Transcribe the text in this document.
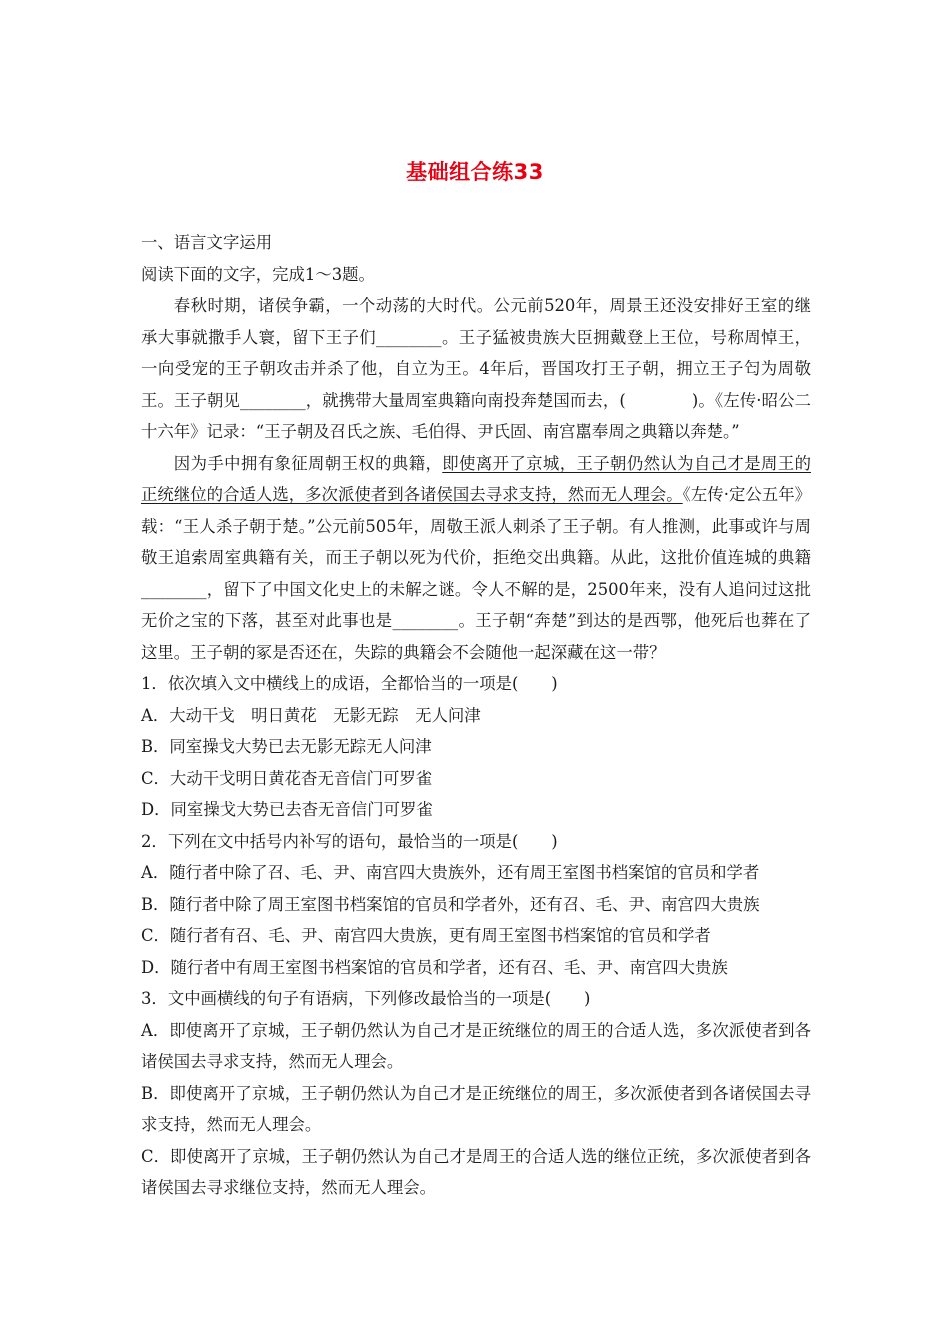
基础组合练33

一、语言文字运用

阅读下面的文字，完成1～3题。

春秋时期，诸侯争霸，一个动荡的大时代。公元前520年，周景王还没安排好王室的继承大事就撒手人寰，留下王子们________。王子猛被贵族大臣拥戴登上王位，号称周悼王，一向受宠的王子朝攻击并杀了他，自立为王。4年后，晋国攻打王子朝，拥立王子匄为周敬王。王子朝见________，就携带大量周室典籍向南投奔楚国而去，(　　　　)。《左传·昭公二十六年》记录：“王子朝及召氏之族、毛伯得、尹氏固、南宫嚚奉周之典籍以奔楚。”

因为手中拥有象征周朝王权的典籍，即使离开了京城，王子朝仍然认为自己才是周王的正统继位的合适人选，多次派使者到各诸侯国去寻求支持，然而无人理会。《左传·定公五年》载：“王人杀子朝于楚。”公元前505年，周敬王派人刺杀了王子朝。有人推测，此事或许与周敬王追索周室典籍有关，而王子朝以死为代价，拒绝交出典籍。从此，这批价值连城的典籍________，留下了中国文化史上的未解之谜。令人不解的是，2500年来，没有人追问过这批无价之宝的下落，甚至对此事也是________。王子朝“奔楚”到达的是西鄂，他死后也葬在了这里。王子朝的冢是否还在，失踪的典籍会不会随他一起深藏在这一带？

1．依次填入文中横线上的成语，全都恰当的一项是(　　)

A．大动干戈　明日黄花　无影无踪　无人问津

B．同室操戈大势已去无影无踪无人问津

C．大动干戈明日黄花杳无音信门可罗雀

D．同室操戈大势已去杳无音信门可罗雀

2．下列在文中括号内补写的语句，最恰当的一项是(　　)

A．随行者中除了召、毛、尹、南宫四大贵族外，还有周王室图书档案馆的官员和学者

B．随行者中除了周王室图书档案馆的官员和学者外，还有召、毛、尹、南宫四大贵族

C．随行者有召、毛、尹、南宫四大贵族，更有周王室图书档案馆的官员和学者

D．随行者中有周王室图书档案馆的官员和学者，还有召、毛、尹、南宫四大贵族

3．文中画横线的句子有语病，下列修改最恰当的一项是(　　)

A．即使离开了京城，王子朝仍然认为自己才是正统继位的周王的合适人选，多次派使者到各诸侯国去寻求支持，然而无人理会。

B．即使离开了京城，王子朝仍然认为自己才是正统继位的周王，多次派使者到各诸侯国去寻求支持，然而无人理会。

C．即使离开了京城，王子朝仍然认为自己才是周王的合适人选的继位正统，多次派使者到各诸侯国去寻求继位支持，然而无人理会。
